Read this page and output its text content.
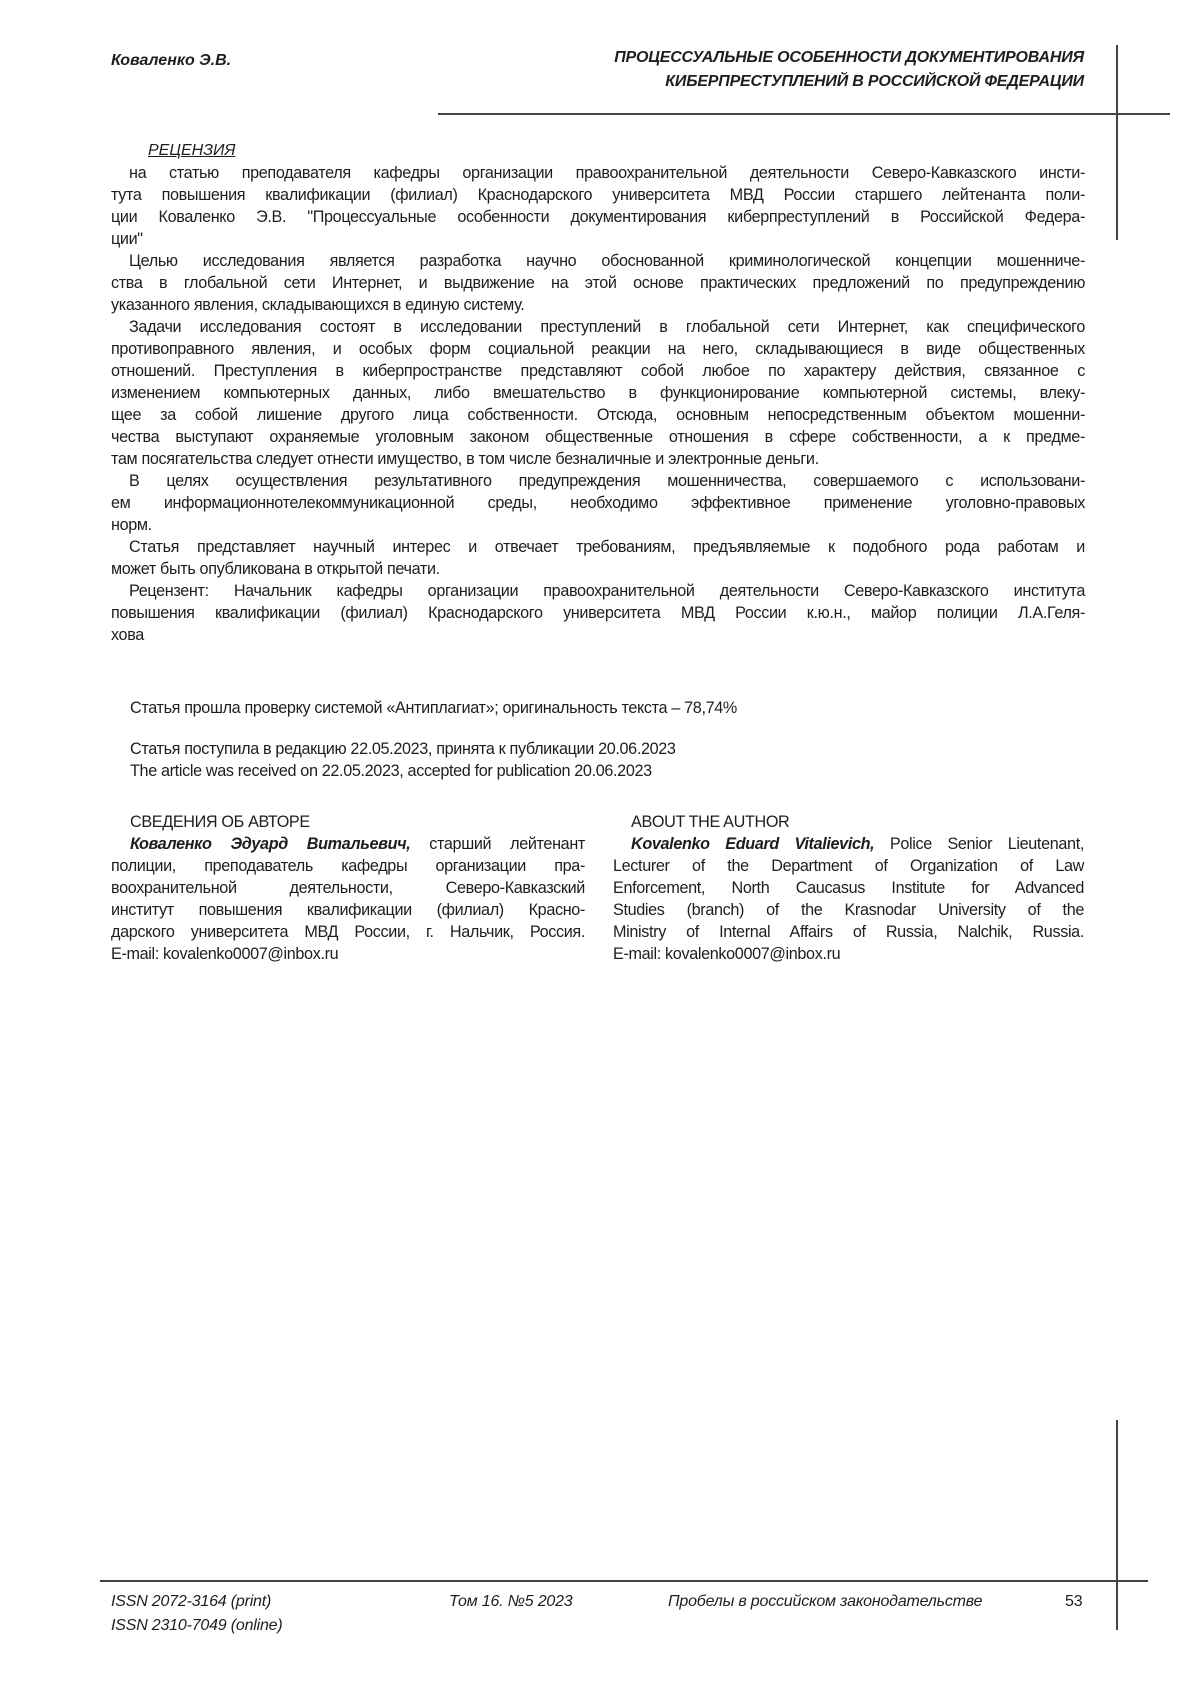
Коваленко Э.В.	ПРОЦЕССУАЛЬНЫЕ ОСОБЕННОСТИ ДОКУМЕНТИРОВАНИЯ
КИБЕРПРЕСТУПЛЕНИЙ В РОССИЙСКОЙ ФЕДЕРАЦИИ
РЕЦЕНЗИЯ
на статью преподавателя кафедры организации правоохранительной деятельности Северо-Кавказского инсти-
тута повышения квалификации (филиал) Краснодарского университета МВД России старшего лейтенанта поли-
ции Коваленко Э.В. "Процессуальные особенности документирования киберпреступлений в Российской Федера-
ции"
Целью исследования является разработка научно обоснованной криминологической концепции мошенниче-
ства в глобальной сети Интернет, и выдвижение на этой основе практических предложений по предупреждению
указанного явления, складывающихся в единую систему.
Задачи исследования состоят в исследовании преступлений в глобальной сети Интернет, как специфического
противоправного явления, и особых форм социальной реакции на него, складывающиеся в виде общественных
отношений. Преступления в киберпространстве представляют собой любое по характеру действия, связанное с
изменением компьютерных данных, либо вмешательство в функционирование компьютерной системы, влеку-
щее за собой лишение другого лица собственности. Отсюда, основным непосредственным объектом мошенни-
чества выступают охраняемые уголовным законом общественные отношения в сфере собственности, а к предме-
там посягательства следует отнести имущество, в том числе безналичные и электронные деньги.
В целях осуществления результативного предупреждения мошенничества, совершаемого с использовани-
ем информационнотелекоммуникационной среды, необходимо эффективное применение уголовно-правовых
норм.
Статья представляет научный интерес и отвечает требованиям, предъявляемые к подобного рода работам и
может быть опубликована в открытой печати.
Рецензент: Начальник кафедры организации правоохранительной деятельности Северо-Кавказского института
повышения квалификации (филиал) Краснодарского университета МВД России к.ю.н., майор полиции Л.А.Геля-
хова
Статья прошла проверку системой «Антиплагиат»; оригинальность текста – 78,74%
Статья поступила в редакцию 22.05.2023, принята к публикации 20.06.2023
The article was received on 22.05.2023, accepted for publication 20.06.2023
СВЕДЕНИЯ ОБ АВТОРЕ
Коваленко Эдуард Витальевич, старший лейтенант
полиции, преподаватель кафедры организации пра-
воохранительной деятельности, Северо-Кавказский
институт повышения квалификации (филиал) Красно-
дарского университета МВД России, г. Нальчик, Россия.
E-mail: kovalenko0007@inbox.ru
ABOUT THE AUTHOR
Kovalenko Eduard Vitalievich, Police Senior Lieutenant,
Lecturer of the Department of Organization of Law
Enforcement, North Caucasus Institute for Advanced
Studies (branch) of the Krasnodar University of the
Ministry of Internal Affairs of Russia, Nalchik, Russia.
E-mail: kovalenko0007@inbox.ru
ISSN 2072-3164 (print)
ISSN 2310-7049 (online)
Том 16. №5 2023	Пробелы в российском законодательстве	53
